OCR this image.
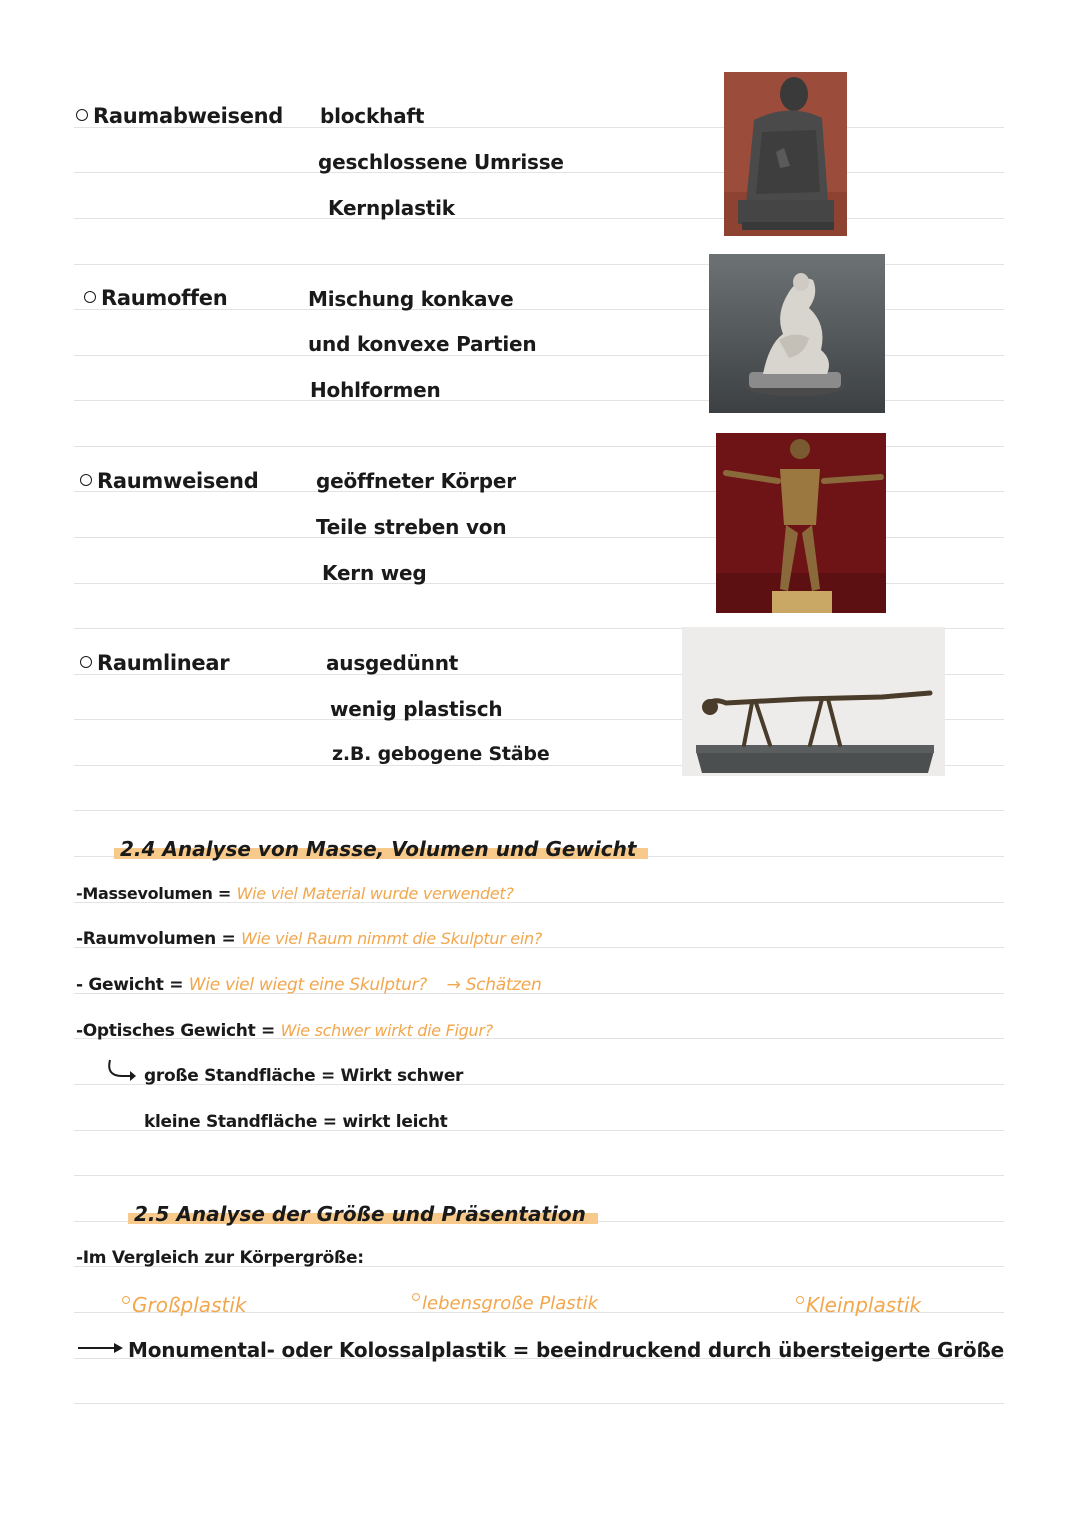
Raumabweisend blockhaft
geschlossene Umrisse
Kernplastik
Raumoffen	Mischung konkave
und konvexe Partien
Hohlformen
Raumweisend	geöffneter Körper
Teile streben von
Kern weg
Raumlinear	ausgedünnt
wenig plastisch
z.B. gebogene Stäbe
2.4 Analyse von Masse, Volumen und Gewicht
-Massevolumen = Wie viel Material wurde verwendet?
-Raumvolumen = Wie viel Raum nimmt die Skulptur ein?
- Gewicht = Wie viel wiegt eine Skulptur? → Schätzen
-Optisches Gewicht = Wie schwer wirkt die Figur?
große Standfläche = Wirkt schwer
kleine Standfläche = wirkt leicht
2.5 Analyse der Größe und Präsentation
-Im Vergleich zur Körpergröße:
Großplastik	lebensgroße Plastik	Kleinplastik
Monumental- oder Kolossalplastik = beeindruckend durch übersteigerte Größe
